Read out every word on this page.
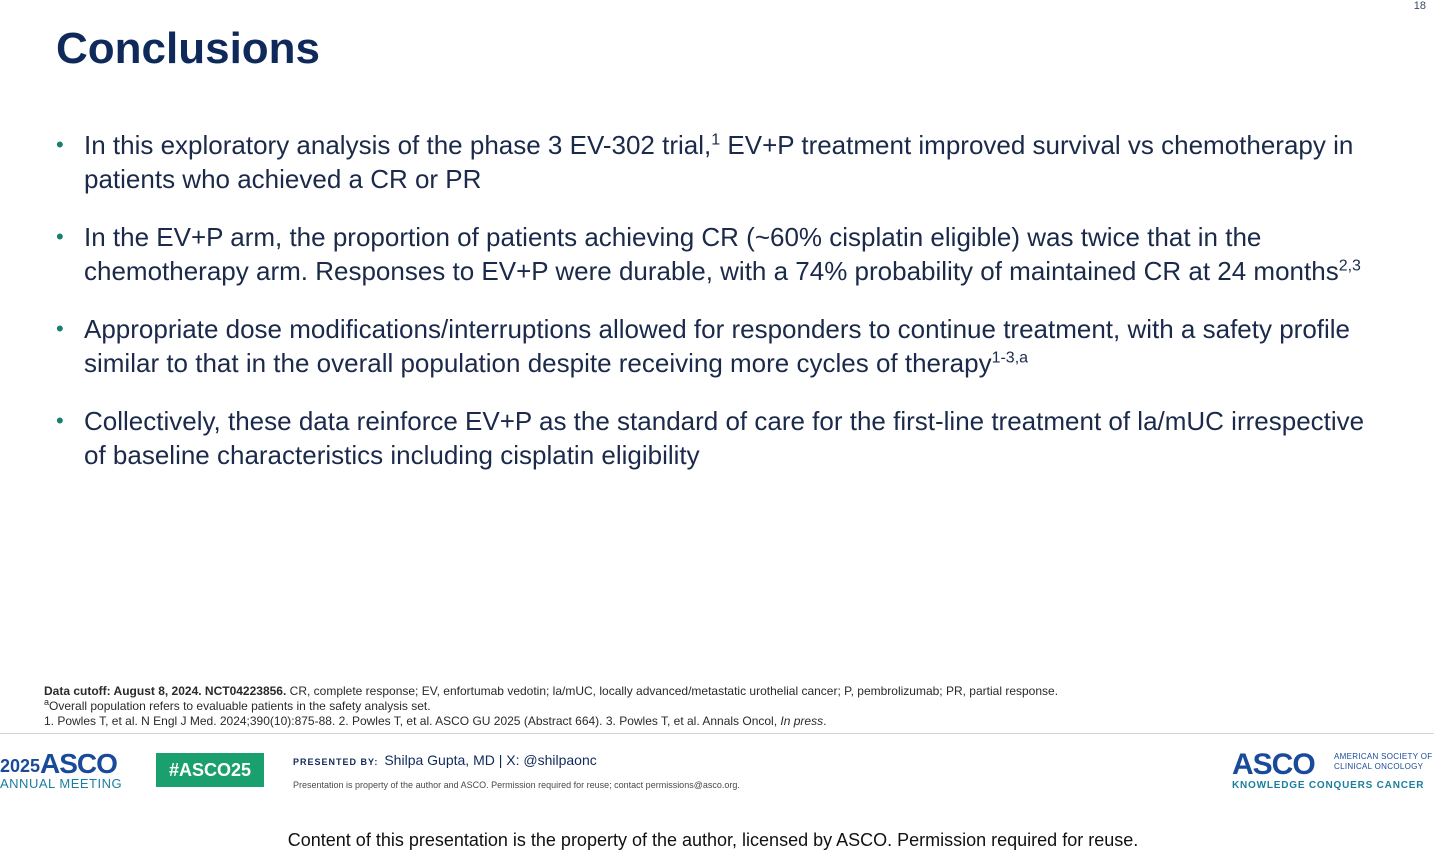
18
Conclusions
• In this exploratory analysis of the phase 3 EV-302 trial,$^1$ EV+P treatment improved survival vs chemotherapy in patients who achieved a CR or PR
• In the EV+P arm, the proportion of patients achieving CR (~60% cisplatin eligible) was twice that in the chemotherapy arm. Responses to EV+P were durable, with a 74% probability of maintained CR at 24 months$^{2,3}$
• Appropriate dose modifications/interruptions allowed for responders to continue treatment, with a safety profile similar to that in the overall population despite receiving more cycles of therapy$^{1-3,a}$
• Collectively, these data reinforce EV+P as the standard of care for the first-line treatment of la/mUC irrespective of baseline characteristics including cisplatin eligibility
Data cutoff: August 8, 2024. NCT04223856. CR, complete response; EV, enfortumab vedotin; la/mUC, locally advanced/metastatic urothelial cancer; P, pembrolizumab; PR, partial response.
$^a$Overall population refers to evaluable patients in the safety analysis set.
1. Powles T, et al. N Engl J Med. 2024;390(10):875-88. 2. Powles T, et al. ASCO GU 2025 (Abstract 664). 3. Powles T, et al. Annals Oncol, In press.
2025 ASCO
ANNUAL MEETING
#ASCO25	PRESENTED BY: Shilpa Gupta, MD | X: @shilpaonc
Presentation is property of the author and ASCO. Permission required for reuse; contact permissions@asco.org.
ASCO AMERICAN SOCIETY OF
CLINICAL ONCOLOGY
KNOWLEDGE CONQUERS CANCER
Content of this presentation is the property of the author, licensed by ASCO. Permission required for reuse.
